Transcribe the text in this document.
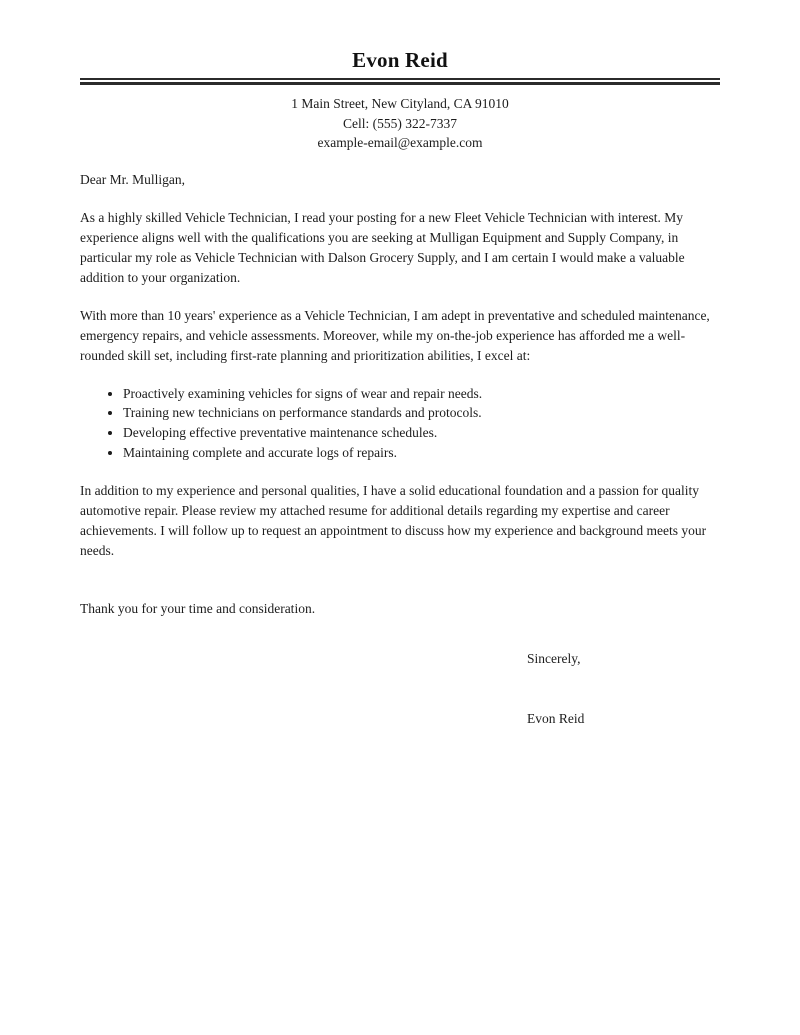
Evon Reid
1 Main Street, New Cityland, CA 91010
Cell: (555) 322-7337
example-email@example.com
Dear Mr. Mulligan,
As a highly skilled Vehicle Technician, I read your posting for a new Fleet Vehicle Technician with interest. My experience aligns well with the qualifications you are seeking at Mulligan Equipment and Supply Company, in particular my role as Vehicle Technician with Dalson Grocery Supply, and I am certain I would make a valuable addition to your organization.
With more than 10 years' experience as a Vehicle Technician, I am adept in preventative and scheduled maintenance, emergency repairs, and vehicle assessments. Moreover, while my on-the-job experience has afforded me a well-rounded skill set, including first-rate planning and prioritization abilities, I excel at:
• Proactively examining vehicles for signs of wear and repair needs.
• Training new technicians on performance standards and protocols.
• Developing effective preventative maintenance schedules.
• Maintaining complete and accurate logs of repairs.
In addition to my experience and personal qualities, I have a solid educational foundation and a passion for quality automotive repair. Please review my attached resume for additional details regarding my expertise and career achievements. I will follow up to request an appointment to discuss how my experience and background meets your needs.
Thank you for your time and consideration.
Sincerely,
Evon Reid
